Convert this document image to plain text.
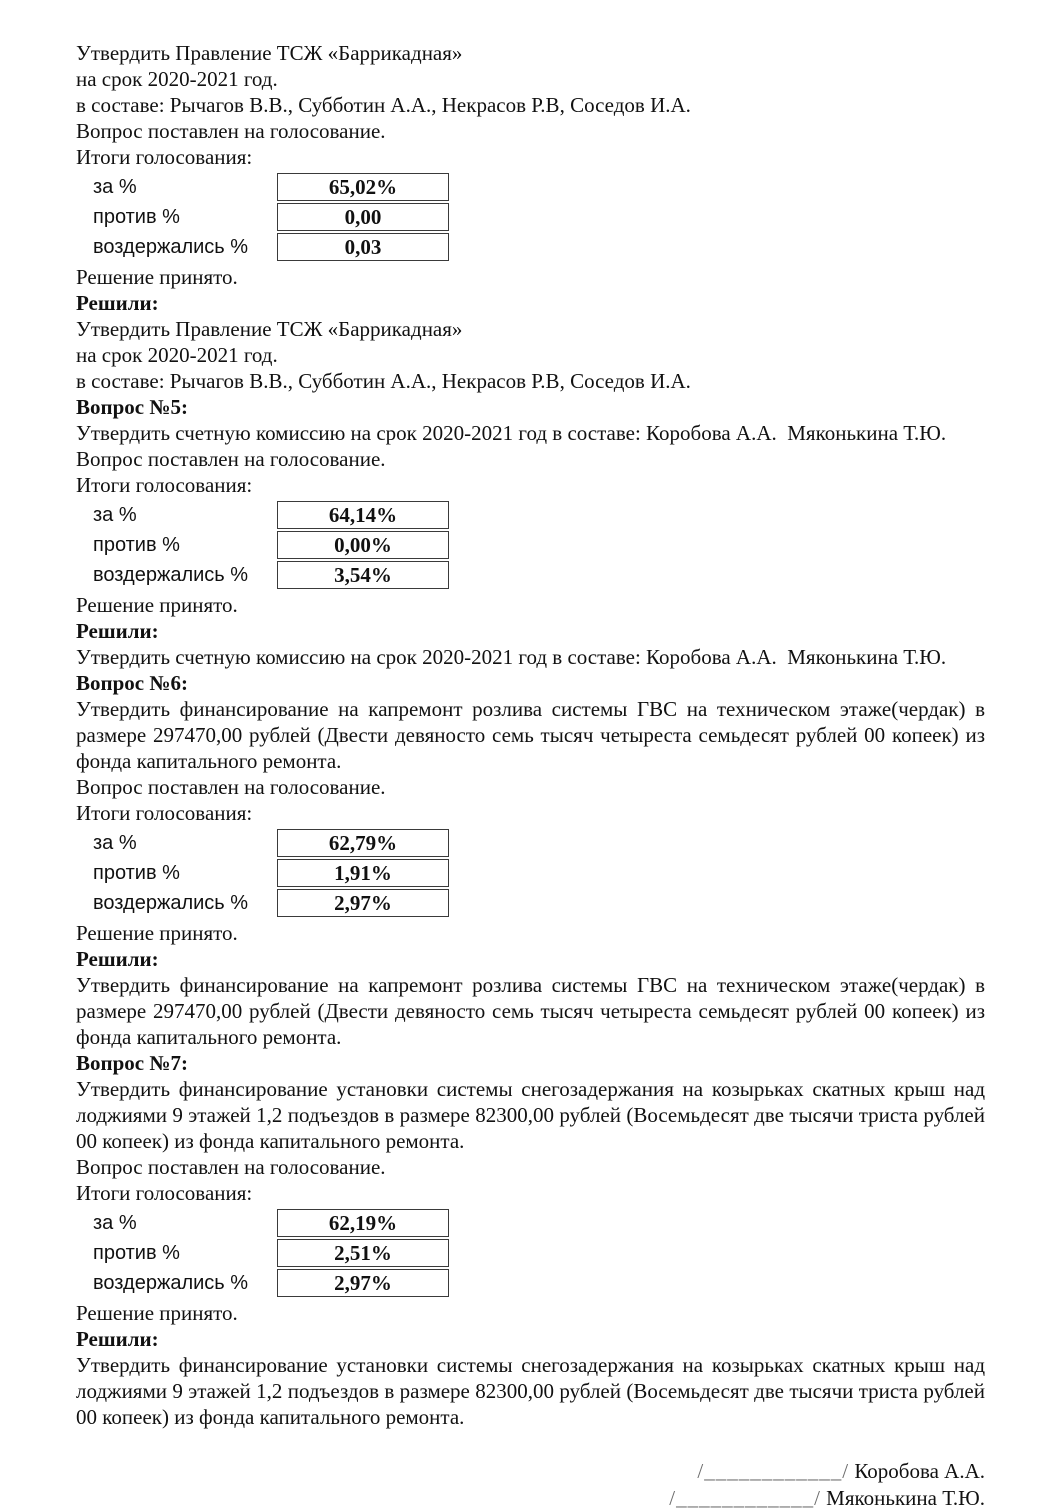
Утвердить Правление ТСЖ «Баррикадная»

на срок 2020-2021 год.

в составе: Рычагов В.В., Субботин А.А., Некрасов Р.В, Соседов И.А.

Вопрос поставлен на голосование.

Итоги голосования:

за %	65,02%
против %	0,00
воздержались %	0,03

Решение принято.

Решили:

Утвердить Правление ТСЖ «Баррикадная»

на срок 2020-2021 год.

в составе: Рычагов В.В., Субботин А.А., Некрасов Р.В, Соседов И.А.

Вопрос №5:

Утвердить счетную комиссию на срок 2020-2021 год в составе: Коробова А.А.  Мяконькина Т.Ю.

Вопрос поставлен на голосование.

Итоги голосования:

за %	64,14%
против %	0,00%
воздержались %	3,54%

Решение принято.

Решили:

Утвердить счетную комиссию на срок 2020-2021 год в составе: Коробова А.А.  Мяконькина Т.Ю.

Вопрос №6:

Утвердить финансирование на капремонт розлива системы ГВС на техническом этаже(чердак) в размере 297470,00 рублей (Двести девяносто семь тысяч четыреста семьдесят рублей 00 копеек) из фонда капитального ремонта.

Вопрос поставлен на голосование.

Итоги голосования:

за %	62,79%
против %	1,91%
воздержались %	2,97%

Решение принято.

Решили:

Утвердить финансирование на капремонт розлива системы ГВС на техническом этаже(чердак) в размере 297470,00 рублей (Двести девяносто семь тысяч четыреста семьдесят рублей 00 копеек) из фонда капитального ремонта.

Вопрос №7:

Утвердить финансирование установки системы снегозадержания на козырьках скатных крыш над лоджиями 9 этажей 1,2 подъездов в размере 82300,00 рублей (Восемьдесят две тысячи триста рублей 00 копеек) из фонда капитального ремонта.

Вопрос поставлен на голосование.

Итоги голосования:

за %	62,19%
против %	2,51%
воздержались %	2,97%

Решение принято.

Решили:

Утвердить финансирование установки системы снегозадержания на козырьках скатных крыш над лоджиями 9 этажей 1,2 подъездов в размере 82300,00 рублей (Восемьдесят две тысячи триста рублей 00 копеек) из фонда капитального ремонта.

/____________/ Коробова А.А.

/____________/ Мяконькина Т.Ю.
